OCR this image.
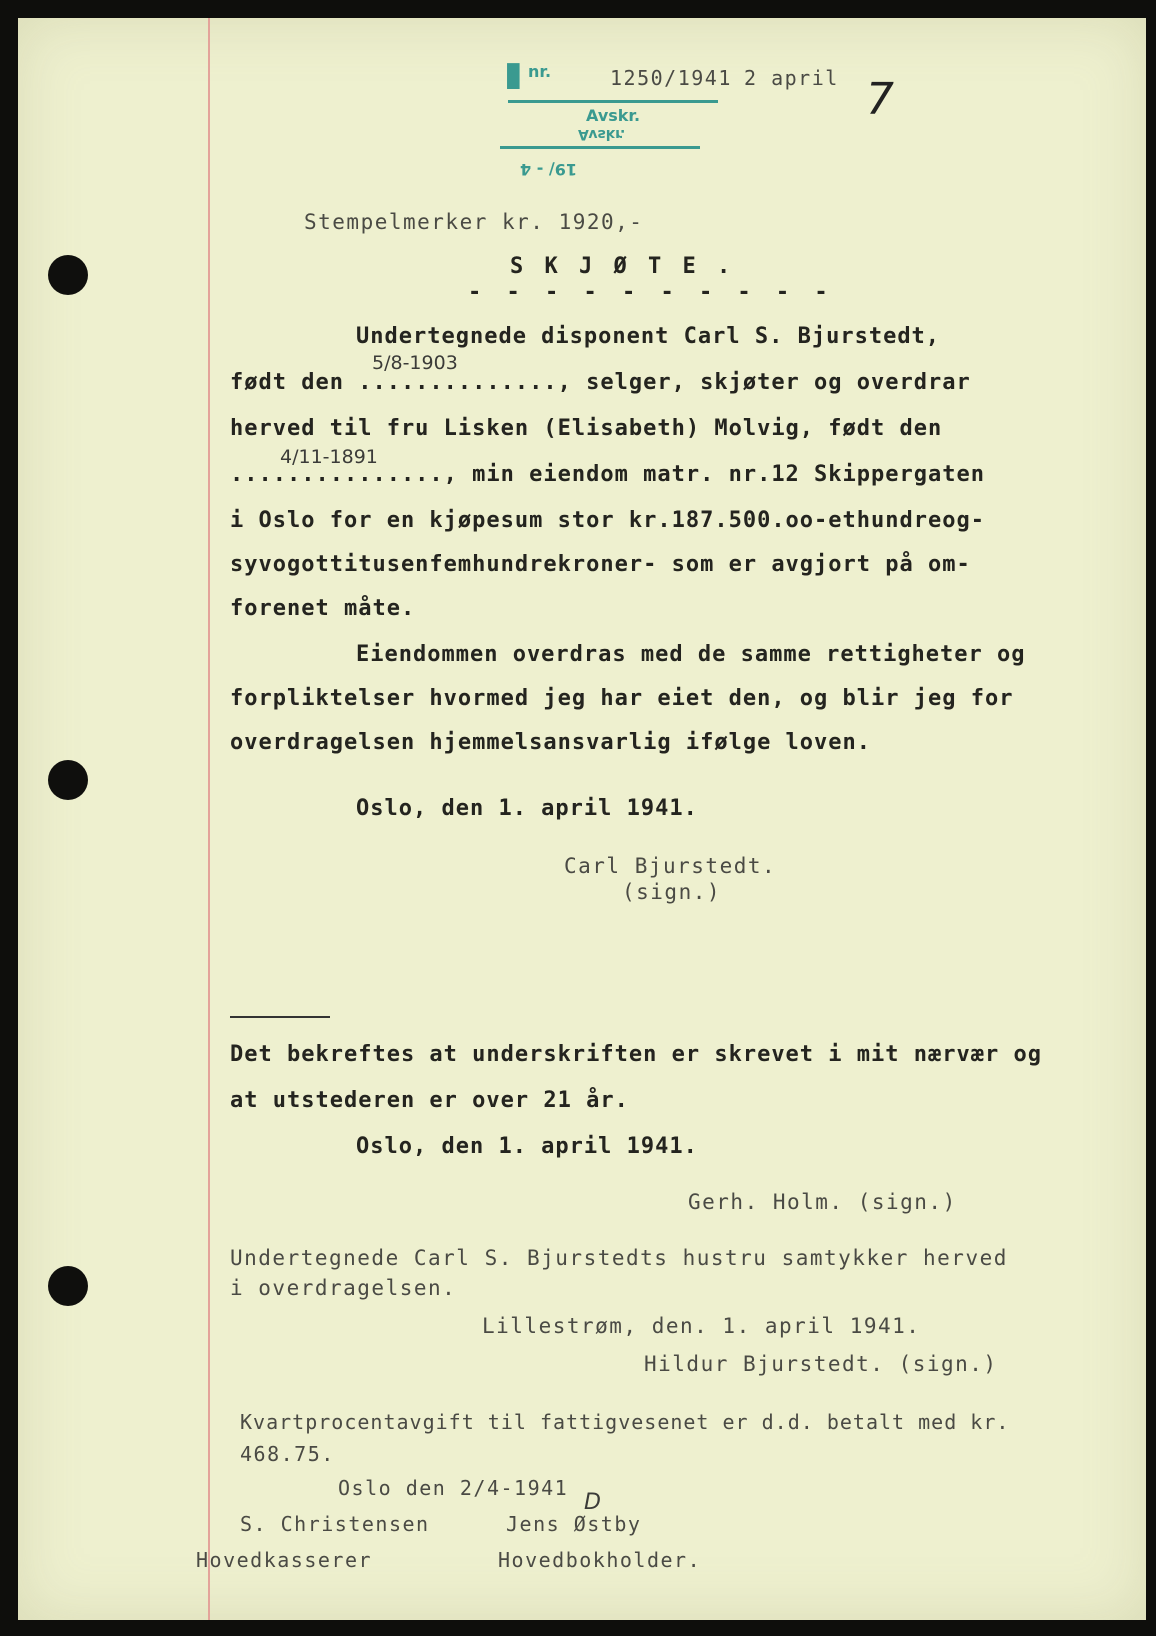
▮ nr.
Avskr.
Avskr.
19/ - 4
1250/1941 2 april 7
Stempelmerker kr. 1920,-
S K J Ø T E .
- - - - - - - - - -
Undertegnede disponent Carl S. Bjurstedt,
5/8-1903
født den .............., selger, skjøter og overdrar
herved til fru Lisken (Elisabeth) Molvig, født den
4/11-1891
..............., min eiendom matr. nr.12 Skippergaten
i Oslo for en kjøpesum stor kr.187.500.oo-ethundreog-
syvogottitusenfemhundrekroner- som er avgjort på om-
forenet måte.
Eiendommen overdras med de samme rettigheter og
forpliktelser hvormed jeg har eiet den, og blir jeg for
overdragelsen hjemmelsansvarlig ifølge loven.
Oslo, den 1. april 1941.
Carl Bjurstedt.
(sign.)
Det bekreftes at underskriften er skrevet i mit nærvær og
at utstederen er over 21 år.
Oslo, den 1. april 1941.
Gerh. Holm. (sign.)
Undertegnede Carl S. Bjurstedts hustru samtykker herved
i overdragelsen.
Lillestrøm, den. 1. april 1941.
Hildur Bjurstedt. (sign.)
Kvartprocentavgift til fattigvesenet er d.d. betalt med kr.
468.75.
Oslo den 2/4-1941
D
S. Christensen	Jens Østby
Hovedkasserer	Hovedbokholder.
